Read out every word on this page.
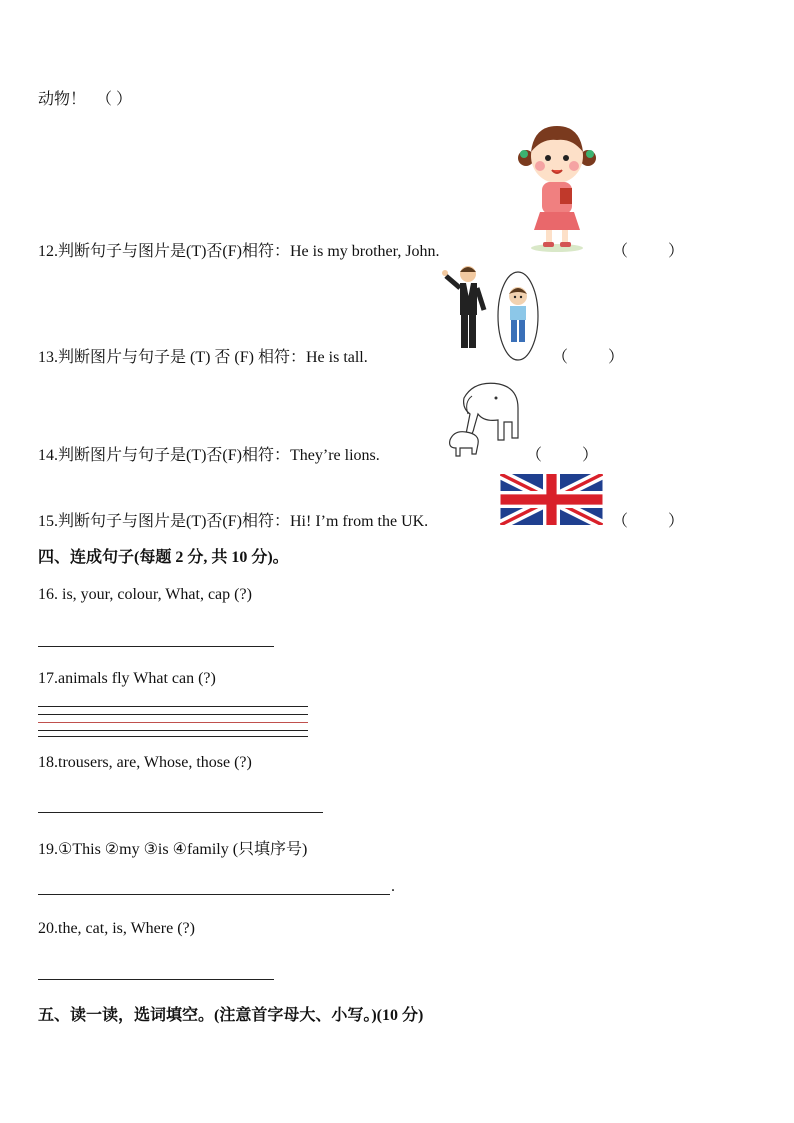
动物！ （ ）
12.判断句子与图片是(T)否(F)相符：He is my brother, John.	（          ）
13.判断图片与句子是 (T) 否 (F) 相符：He is tall.	（          ）
14.判断图片与句子是(T)否(F)相符：They’re lions.	（          ）
15.判断句子与图片是(T)否(F)相符：Hi! I’m from the UK.	（          ）
四、连成句子(每题 2 分, 共 10 分)。
16. is, your, colour, What, cap (?)
17.animals fly What can (?)
18.trousers, are, Whose, those (?)
19.①This ②my ③is ④family (只填序号)
.
20.the, cat, is, Where (?)
五、读一读，选词填空。(注意首字母大、小写。)(10 分)
